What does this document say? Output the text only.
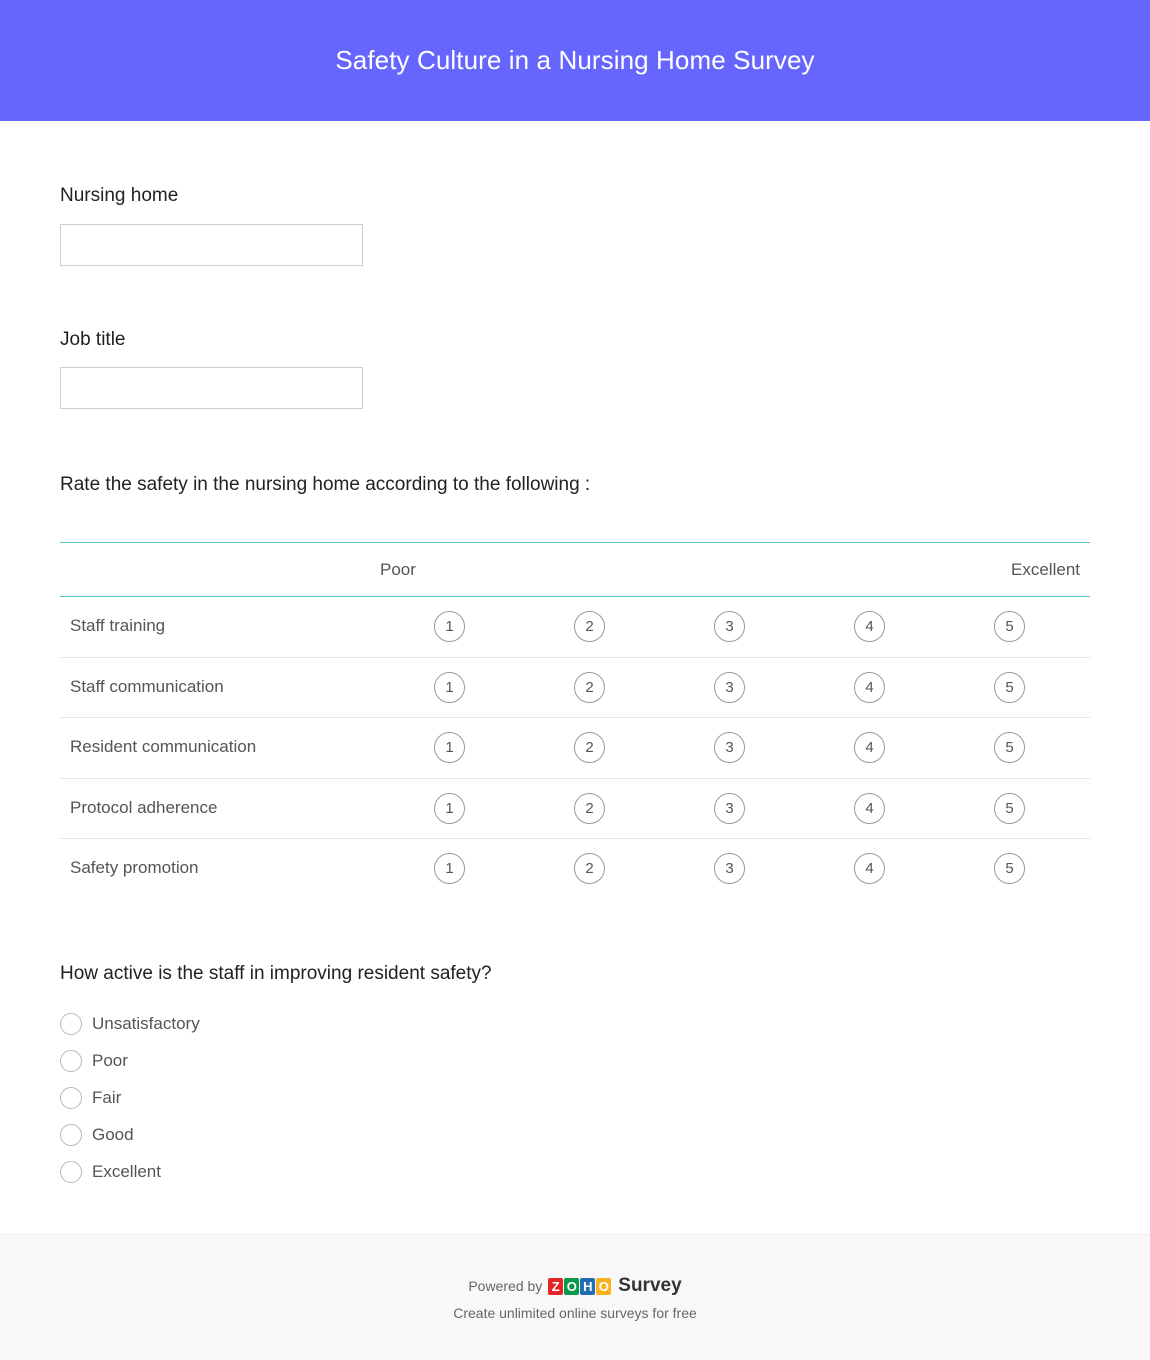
Safety Culture in a Nursing Home Survey
Nursing home
Job title
Rate the safety in the nursing home according to the following :
Poor	Excellent
Staff training	1	2	3	4	5
Staff communication	1	2	3	4	5
Resident communication	1	2	3	4	5
Protocol adherence	1	2	3	4	5
Safety promotion	1	2	3	4	5
How active is the staff in improving resident safety?
Unsatisfactory
Poor
Fair
Good
Excellent
Powered by Z O H O Survey
Create unlimited online surveys for free
